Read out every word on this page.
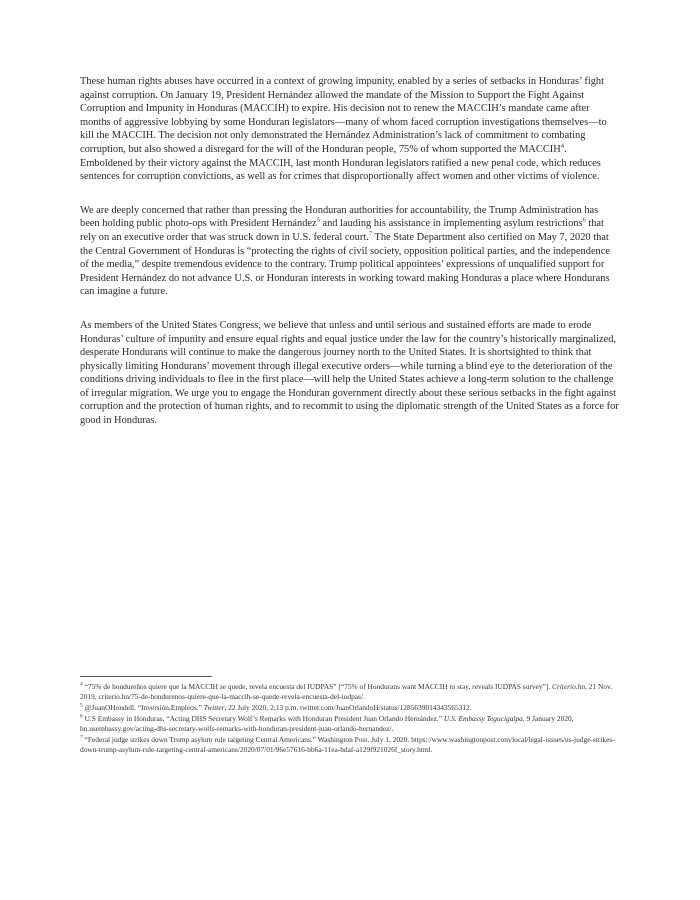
These human rights abuses have occurred in a context of growing impunity, enabled by a series of setbacks in Honduras’ fight against corruption. On January 19, President Hernández allowed the mandate of the Mission to Support the Fight Against Corruption and Impunity in Honduras (MACCIH) to expire. His decision not to renew the MACCIH’s mandate came after months of aggressive lobbying by some Honduran legislators—many of whom faced corruption investigations themselves—to kill the MACCIH. The decision not only demonstrated the Hernández Administration’s lack of commitment to combating corruption, but also showed a disregard for the will of the Honduran people, 75% of whom supported the MACCIH$^4$. Emboldened by their victory against the MACCIH, last month Honduran legislators ratified a new penal code, which reduces sentences for corruption convictions, as well as for crimes that disproportionally affect women and other victims of violence.

We are deeply concerned that rather than pressing the Honduran authorities for accountability, the Trump Administration has been holding public photo-ops with President Hernández$^5$ and lauding his assistance in implementing asylum restrictions$^6$ that rely on an executive order that was struck down in U.S. federal court.$^7$ The State Department also certified on May 7, 2020 that the Central Government of Honduras is “protecting the rights of civil society, opposition political parties, and the independence of the media,” despite tremendous evidence to the contrary. Trump political appointees’ expressions of unqualified support for President Hernández do not advance U.S. or Honduran interests in working toward making Honduras a place where Hondurans can imagine a future.

As members of the United States Congress, we believe that unless and until serious and sustained efforts are made to erode Honduras’ culture of impunity and ensure equal rights and equal justice under the law for the country’s historically marginalized, desperate Hondurans will continue to make the dangerous journey north to the United States. It is shortsighted to think that physically limiting Hondurans’ movement through illegal executive orders—while turning a blind eye to the deterioration of the conditions driving individuals to flee in the first place—will help the United States achieve a long-term solution to the challenge of irregular migration. We urge you to engage the Honduran government directly about these serious setbacks in the fight against corruption and the protection of human rights, and to recommit to using the diplomatic strength of the United States as a force for good in Honduras.

$^4$ “75% de hondureños quiere que la MACCIH se quede, revela encuesta del IUDPAS” [“75% of Hondurans want MACCIH to stay, reveals IUDPAS survey”]. Criterio.hn, 21 Nov. 2019, criterio.hn/75-de-hondurenos-quiere-que-la-maccih-se-quede-revela-encuesta-del-iudpas/.

$^5$ @JuanOHondell. “Inversión,Empleos.” Twitter, 22 July 2020, 2:13 p.m. twitter.com/JuanOrlandoH/status/1285639014343565312.

$^6$ U.S Embassy in Honduras, “Acting DHS Secretary Wolf’s Remarks with Honduran President Juan Orlando Hernández.” U.S. Embassy Tegucigalpa, 9 January 2020, hn.usembassy.gov/acting-dhs-secretary-wolfs-remarks-with-honduran-president-juan-orlando-hernandez/.

$^7$ “Federal judge strikes down Trump asylum rule targeting Central Americans.” Washington Post. July 1, 2020. https://www.washingtonpost.com/local/legal-issues/us-judge-strikes-down-trump-asylum-rule-targeting-central-americans/2020/07/01/96e57616-bb6a-11ea-bdaf-a129f921026f_story.html.
